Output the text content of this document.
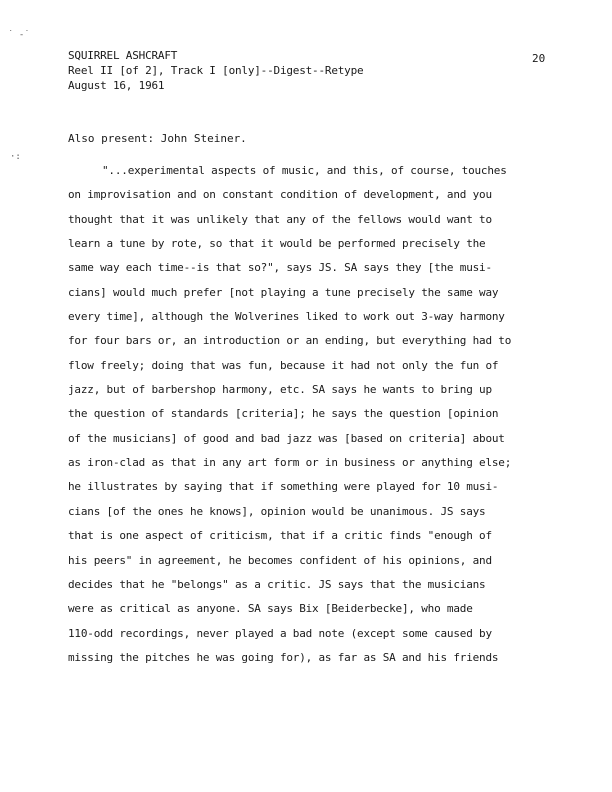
˙ ‑˙
·:
SQUIRREL ASHCRAFT
Reel II [of 2], Track I [only]--Digest--Retype
August 16, 1961
20
Also present: John Steiner.
"...experimental aspects of music, and this, of course, touches
on improvisation and on constant condition of development, and you
thought that it was unlikely that any of the fellows would want to
learn a tune by rote, so that it would be performed precisely the
same way each time--is that so?", says JS. SA says they [the musi-
cians] would much prefer [not playing a tune precisely the same way
every time], although the Wolverines liked to work out 3-way harmony
for four bars or, an introduction or an ending, but everything had to
flow freely; doing that was fun, because it had not only the fun of
jazz, but of barbershop harmony, etc. SA says he wants to bring up
the question of standards [criteria]; he says the question [opinion
of the musicians] of good and bad jazz was [based on criteria] about
as iron-clad as that in any art form or in business or anything else;
he illustrates by saying that if something were played for 10 musi-
cians [of the ones he knows], opinion would be unanimous. JS says
that is one aspect of criticism, that if a critic finds "enough of
his peers" in agreement, he becomes confident of his opinions, and
decides that he "belongs" as a critic. JS says that the musicians
were as critical as anyone. SA says Bix [Beiderbecke], who made
110-odd recordings, never played a bad note (except some caused by
missing the pitches he was going for), as far as SA and his friends
